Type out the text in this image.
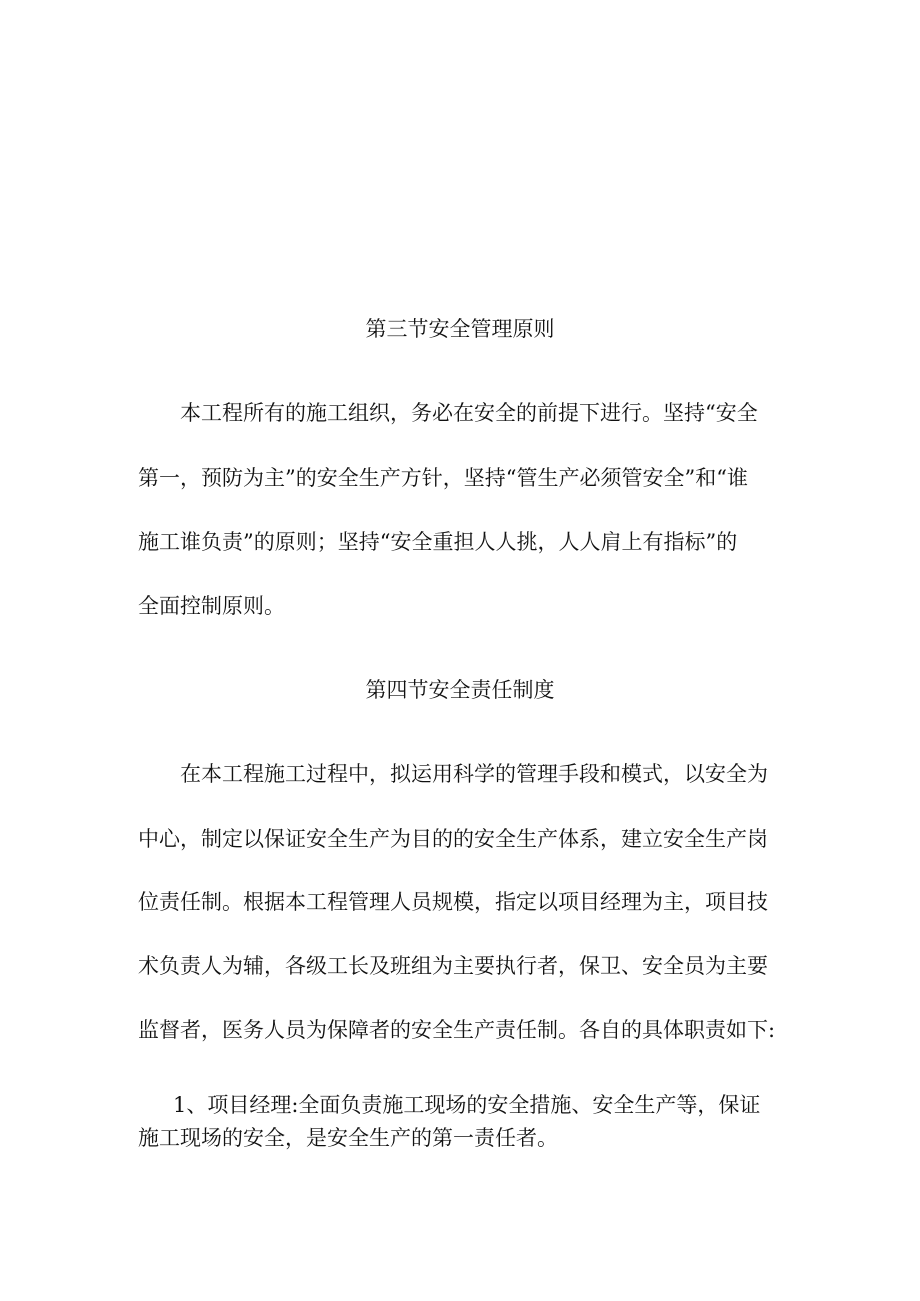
第三节安全管理原则

本工程所有的施工组织，务必在安全的前提下进行。坚持“安全

第一，预防为主”的安全生产方针，坚持“管生产必须管安全”和“谁

施工谁负责”的原则；坚持“安全重担人人挑，人人肩上有指标”的

全面控制原则。

第四节安全责任制度

在本工程施工过程中，拟运用科学的管理手段和模式，以安全为

中心，制定以保证安全生产为目的的安全生产体系，建立安全生产岗

位责任制。根据本工程管理人员规模，指定以项目经理为主，项目技

术负责人为辅，各级工长及班组为主要执行者，保卫、安全员为主要

监督者，医务人员为保障者的安全生产责任制。各自的具体职责如下:

1、项目经理:全面负责施工现场的安全措施、安全生产等，保证

施工现场的安全，是安全生产的第一责任者。
